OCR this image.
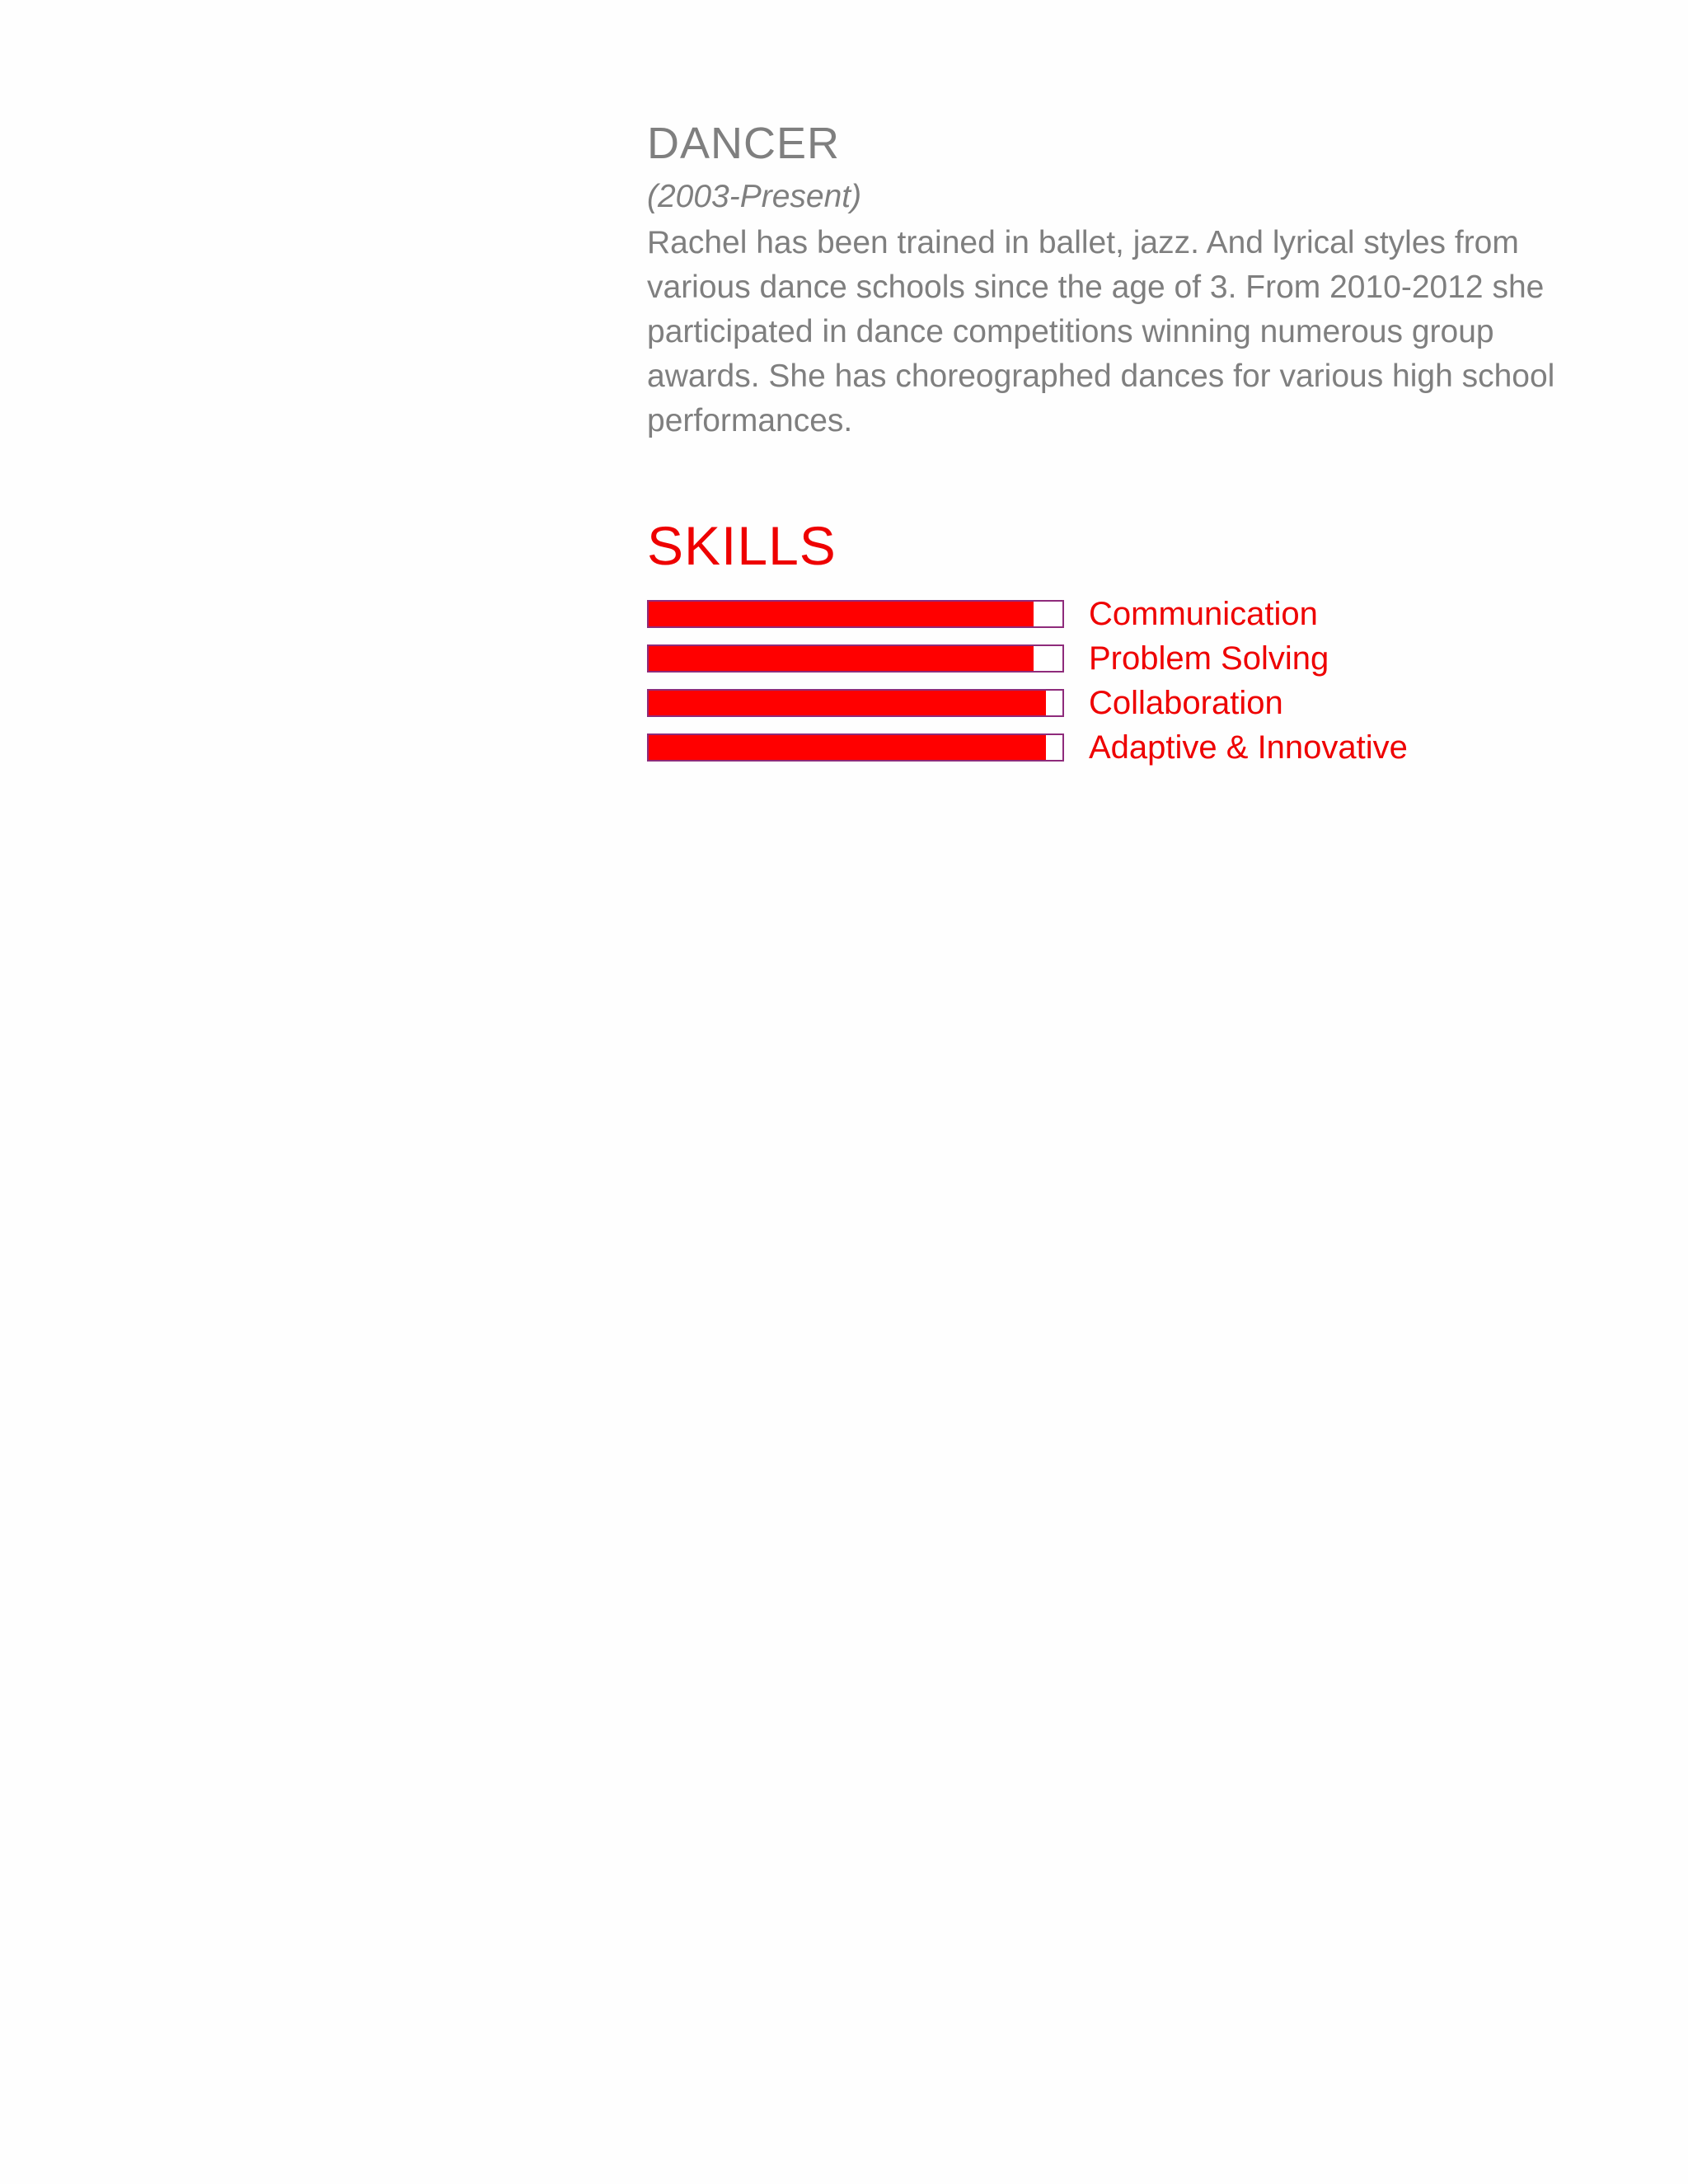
DANCER

(2003-Present)

Rachel has been trained in ballet, jazz. And lyrical styles from various dance schools since the age of 3. From 2010-2012 she participated in dance competitions winning numerous group awards. She has choreographed dances for various high school performances.

SKILLS
Communication
Problem Solving
Collaboration
Adaptive & Innovative
